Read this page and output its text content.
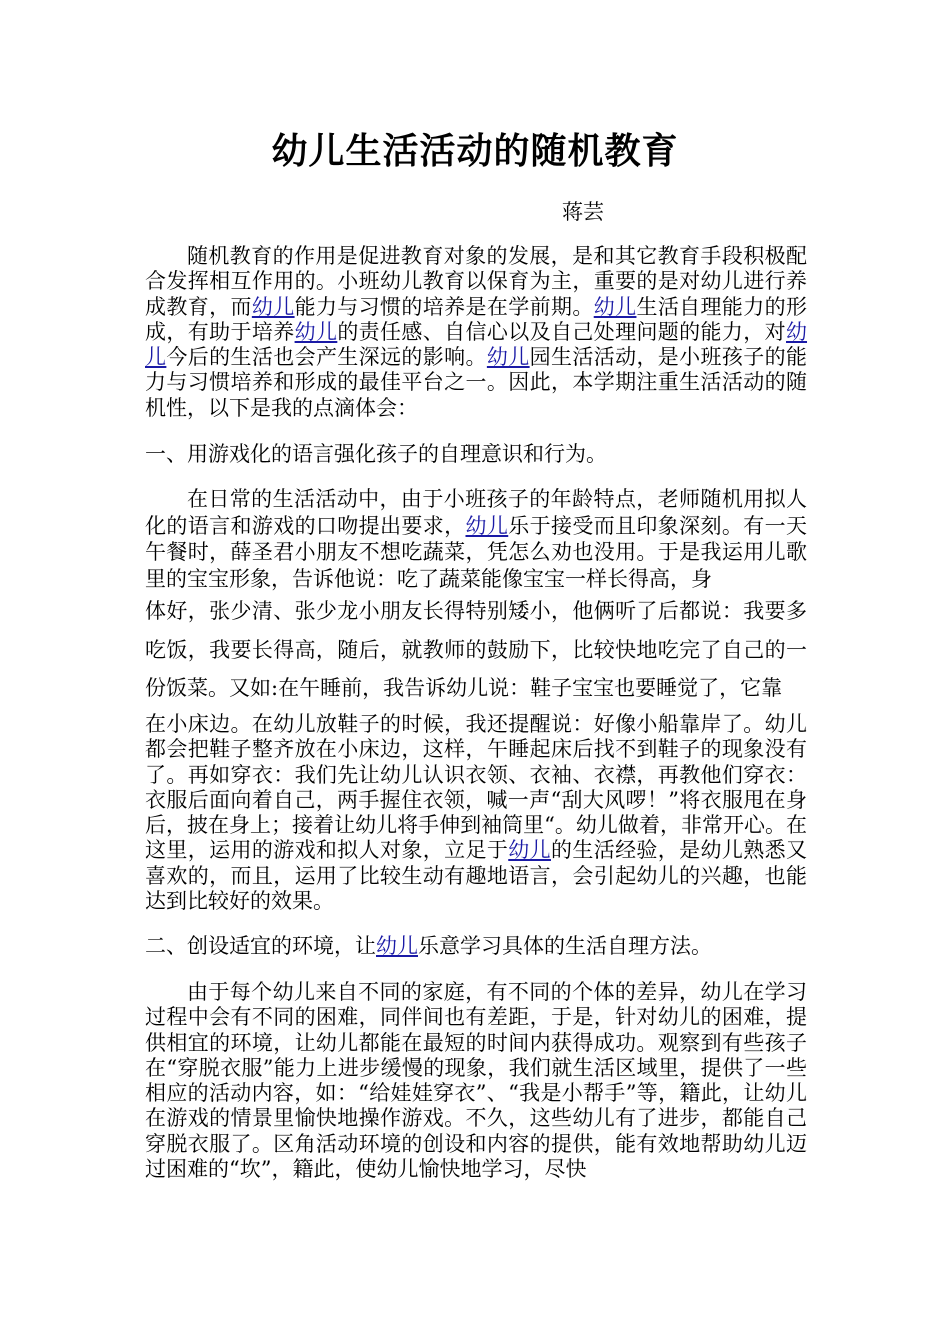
幼儿生活活动的随机教育

蒋芸

随机教育的作用是促进教育对象的发展，是和其它教育手段积极配合发挥相互作用的。小班幼儿教育以保育为主，重要的是对幼儿进行养成教育，而幼儿能力与习惯的培养是在学前期。幼儿生活自理能力的形成，有助于培养幼儿的责任感、自信心以及自己处理问题的能力，对幼儿今后的生活也会产生深远的影响。幼儿园生活活动，是小班孩子的能力与习惯培养和形成的最佳平台之一。因此，本学期注重生活活动的随机性，以下是我的点滴体会：

一、用游戏化的语言强化孩子的自理意识和行为。

在日常的生活活动中，由于小班孩子的年龄特点，老师随机用拟人化的语言和游戏的口吻提出要求，幼儿乐于接受而且印象深刻。有一天午餐时，薛圣君小朋友不想吃蔬菜，凭怎么劝也没用。于是我运用儿歌里的宝宝形象，告诉他说：吃了蔬菜能像宝宝一样长得高，身

体好，张少清、张少龙小朋友长得特别矮小，他俩听了后都说：我要多吃饭，我要长得高，随后，就教师的鼓励下，比较快地吃完了自己的一份饭菜。又如:在午睡前，我告诉幼儿说：鞋子宝宝也要睡觉了，它靠

在小床边。在幼儿放鞋子的时候，我还提醒说：好像小船靠岸了。幼儿都会把鞋子整齐放在小床边，这样，午睡起床后找不到鞋子的现象没有了。再如穿衣：我们先让幼儿认识衣领、衣袖、衣襟，再教他们穿衣：衣服后面向着自己，两手握住衣领，喊一声“刮大风啰！”将衣服甩在身后，披在身上；接着让幼儿将手伸到袖筒里“。幼儿做着，非常开心。在这里，运用的游戏和拟人对象，立足于幼儿的生活经验，是幼儿熟悉又喜欢的，而且，运用了比较生动有趣地语言，会引起幼儿的兴趣，也能达到比较好的效果。

二、创设适宜的环境，让幼儿乐意学习具体的生活自理方法。

由于每个幼儿来自不同的家庭，有不同的个体的差异，幼儿在学习过程中会有不同的困难，同伴间也有差距，于是，针对幼儿的困难，提供相宜的环境，让幼儿都能在最短的时间内获得成功。观察到有些孩子在“穿脱衣服”能力上进步缓慢的现象，我们就生活区域里，提供了一些相应的活动内容，如：“给娃娃穿衣”、“我是小帮手”等，籍此，让幼儿在游戏的情景里愉快地操作游戏。不久，这些幼儿有了进步，都能自己穿脱衣服了。区角活动环境的创设和内容的提供，能有效地帮助幼儿迈过困难的“坎”，籍此，使幼儿愉快地学习，尽快
